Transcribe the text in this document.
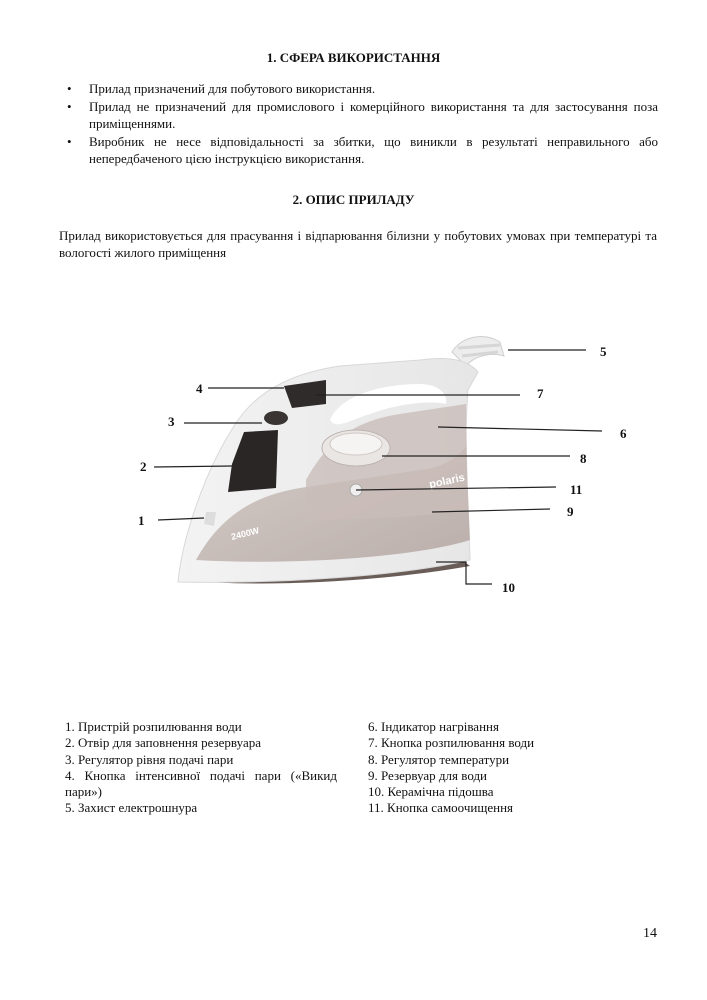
1. СФЕРА ВИКОРИСТАННЯ
• Прилад призначений для побутового використання.
• Прилад не призначений для промислового і комерційного використання та для застосування поза приміщеннями.
• Виробник не несе відповідальності за збитки, що виникли в результаті неправильного або непередбаченого цією інструкцією використання.
2. ОПИС ПРИЛАДУ
Прилад використовується для прасування і відпарювання білизни у побутових умовах при температурі та вологості жилого приміщення
polaris
2400W
5
4	7
3
6
8
2
11
9
1
10
1. Пристрій розпилювання води
2. Отвір для заповнення резервуара
3. Регулятор рівня подачі пари
4. Кнопка інтенсивної подачі пари («Викид пари»)
5. Захист електрошнура
6. Індикатор нагрівання
7. Кнопка розпилювання води
8. Регулятор температури
9. Резервуар для води
10. Керамічна підошва
11. Кнопка самоочищення
14
